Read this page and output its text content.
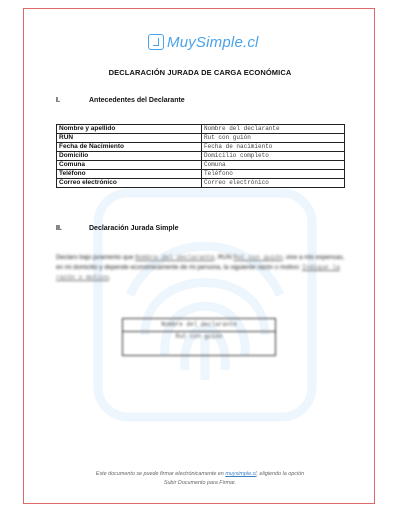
MuySimple.cl
DECLARACIÓN JURADA DE CARGA ECONÓMICA
I.	Antecedentes del Declarante
Nombre y apellido	Nombre del declarante
RUN	Rut con guión
Fecha de Nacimiento	Fecha de nacimiento
Domicilio	Domicilio completo
Comuna	Comuna
Teléfono	Teléfono
Correo electrónico	Correo electrónico
II.	Declaración Jurada Simple
Declaro bajo juramento que Nombre del declarante, RUN Rut con guión, vive a mis expensas, en mi domicilio y depende económicamente de mi persona, la siguiente razón o motivo: Indique la razón o motivo.
Nombre del declarante
Rut con guión
Este documento se puede firmar electrónicamente en muysimple.cl, eligiendo la opción
Subir Documento para Firmar.
